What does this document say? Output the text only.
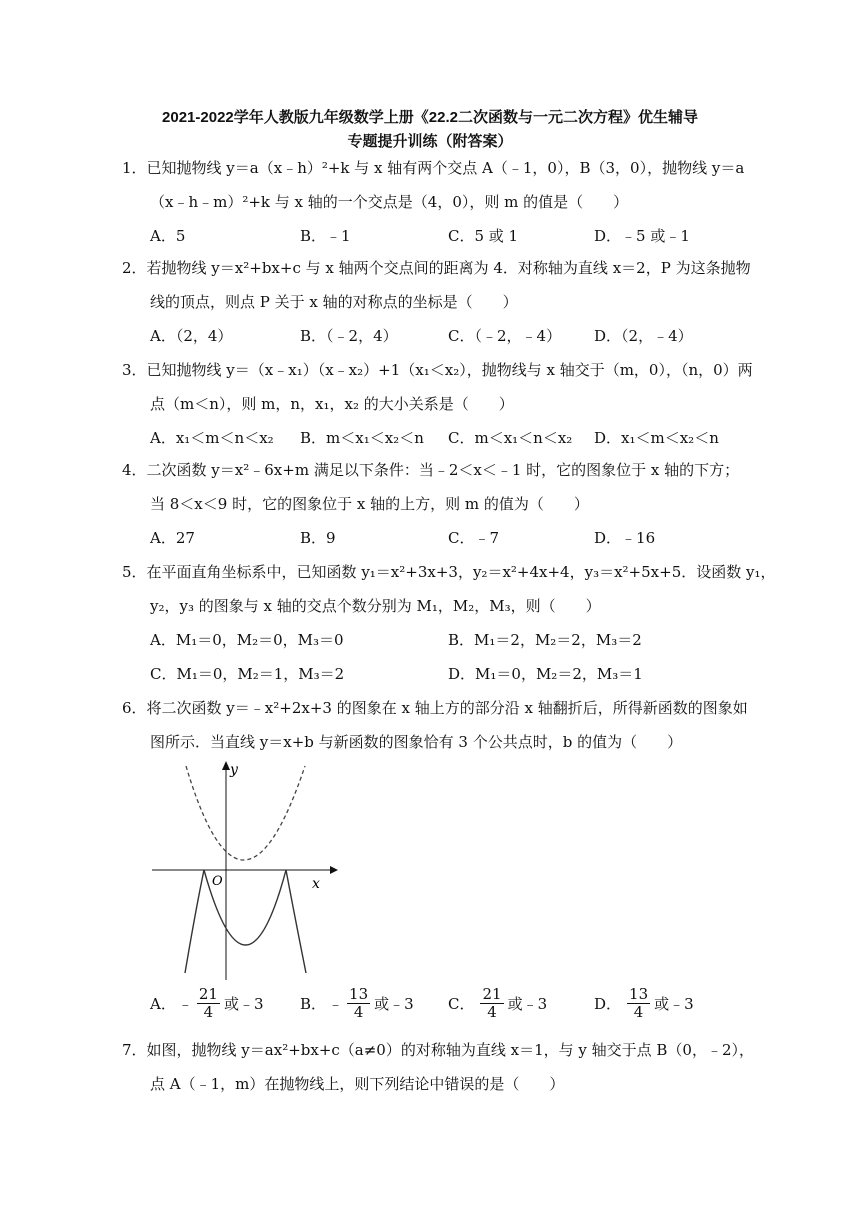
2021-2022学年人教版九年级数学上册《22.2二次函数与一元二次方程》优生辅导
专题提升训练（附答案）
1．已知抛物线 y＝a（x﹣h）²+k 与 x 轴有两个交点 A（﹣1，0），B（3，0），抛物线 y＝a
（x﹣h﹣m）²+k 与 x 轴的一个交点是（4，0），则 m 的值是（　　）
A．5	B．﹣1	C．5 或 1	D．﹣5 或﹣1
2．若抛物线 y＝x²+bx+c 与 x 轴两个交点间的距离为 4．对称轴为直线 x＝2，P 为这条抛物
线的顶点，则点 P 关于 x 轴的对称点的坐标是（　　）
A．（2，4）	B．（﹣2，4）	C．（﹣2，﹣4） D．（2，﹣4）
3．已知抛物线 y＝（x﹣x₁）（x﹣x₂）+1（x₁＜x₂），抛物线与 x 轴交于（m，0），（n，0）两
点（m＜n），则 m，n，x₁，x₂ 的大小关系是（　　）
A．x₁＜m＜n＜x₂ B．m＜x₁＜x₂＜n C．m＜x₁＜n＜x₂ D．x₁＜m＜x₂＜n
4．二次函数 y＝x²﹣6x+m 满足以下条件：当﹣2＜x＜﹣1 时，它的图象位于 x 轴的下方；
当 8＜x＜9 时，它的图象位于 x 轴的上方，则 m 的值为（　　）
A．27	B．9	C．﹣7	D．﹣16
5．在平面直角坐标系中，已知函数 y₁＝x²+3x+3，y₂＝x²+4x+4，y₃＝x²+5x+5．设函数 y₁，
y₂，y₃ 的图象与 x 轴的交点个数分别为 M₁，M₂，M₃，则（　　）
A．M₁＝0，M₂＝0，M₃＝0	B．M₁＝2，M₂＝2，M₃＝2
C．M₁＝0，M₂＝1，M₃＝2	D．M₁＝0，M₂＝2，M₃＝1
6．将二次函数 y＝﹣x²+2x+3 的图象在 x 轴上方的部分沿 x 轴翻折后，所得新函数的图象如
图所示．当直线 y＝x+b 与新函数的图象恰有 3 个公共点时，b 的值为（　　）
y
x
O
A． ﹣ $\frac{21}{4}$ 或﹣3 B． ﹣ $\frac{13}{4}$ 或﹣3 C． $\frac{21}{4}$ 或﹣3	D． $\frac{13}{4}$ 或﹣3
7．如图，抛物线 y＝ax²+bx+c（a≠0）的对称轴为直线 x＝1，与 y 轴交于点 B（0，﹣2），
点 A（﹣1，m）在抛物线上，则下列结论中错误的是（　　）
